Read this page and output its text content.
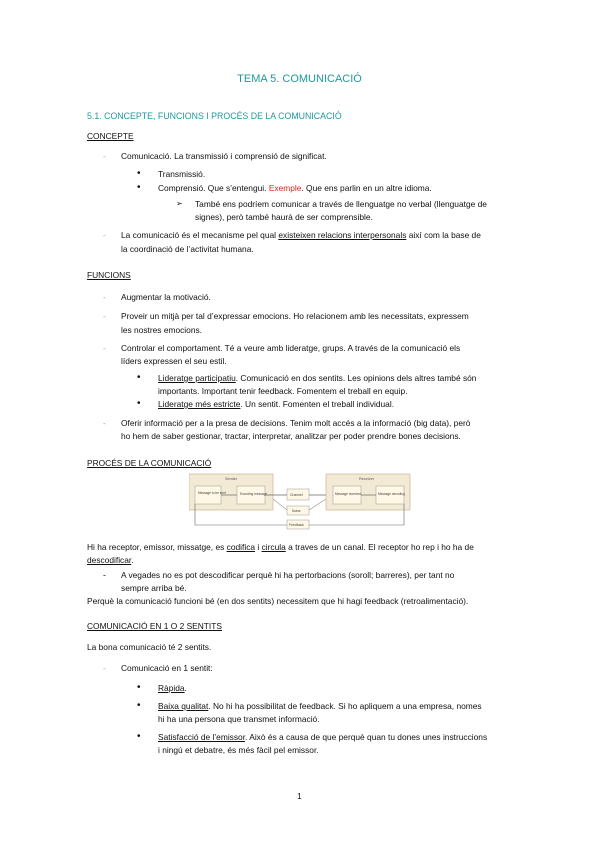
TEMA 5. COMUNICACIÓ
5.1. CONCEPTE, FUNCIONS I PROCÉS DE LA COMUNICACIÓ
CONCEPTE
- Comunicació. La transmissió i comprensió de significat.
• Transmissió.
• Comprensió. Que s’entengui. Exemple. Que ens parlin en un altre idioma.
➢ També ens podríem comunicar a través de llenguatge no verbal (llenguatge de
signes), però també haurà de ser comprensible.
- La comunicació és el mecanisme pel qual existeixen relacions interpersonals així com la base de
la coordinació de l’activitat humana.
FUNCIONS
- Augmentar la motivació.
- Proveir un mitjà per tal d’expressar emocions. Ho relacionem amb les necessitats, expressem
les nostres emocions.
- Controlar el comportament. Té a veure amb lideratge, grups. A través de la comunicació els
líders expressen el seu estil.
• Lideratge participatiu. Comunicació en dos sentits. Les opinions dels altres també són
importants. Important tenir feedback. Fomentem el treball en equip.
• Lideratge més estricte. Un sentit. Fomenten el treball individual.
- Oferir informació per a la presa de decisions. Tenim molt accés a la informació (big data), però
ho hem de saber gestionar, tractar, interpretar, analitzar per poder prendre bones decisions.
PROCÉS DE LA COMUNICACIÓ
Sender
Message to be sent	Encoding message	Channel
Noise
Receiver
Message received	Message decoding
Feedback
Hi ha receptor, emissor, missatge, es codifica i circula a traves de un canal. El receptor ho rep i ho ha de
descodificar.
- A vegades no es pot descodificar perquè hi ha pertorbacions (soroll; barreres), per tant no
sempre arriba bé.
Perquè la comunicació funcioni bé (en dos sentits) necessitem que hi hagi feedback (retroalimentació).
COMUNICACIÓ EN 1 O 2 SENTITS
La bona comunicació té 2 sentits.
- Comunicació en 1 sentit:
• Ràpida.
• Baixa qualitat. No hi ha possibilitat de feedback. Si ho apliquem a una empresa, nomes
hi ha una persona que transmet informació.
• Satisfacció de l’emissor. Això és a causa de que perquè quan tu dones unes instruccions
i ningú et debatre, és més fàcil pel emissor.
1
